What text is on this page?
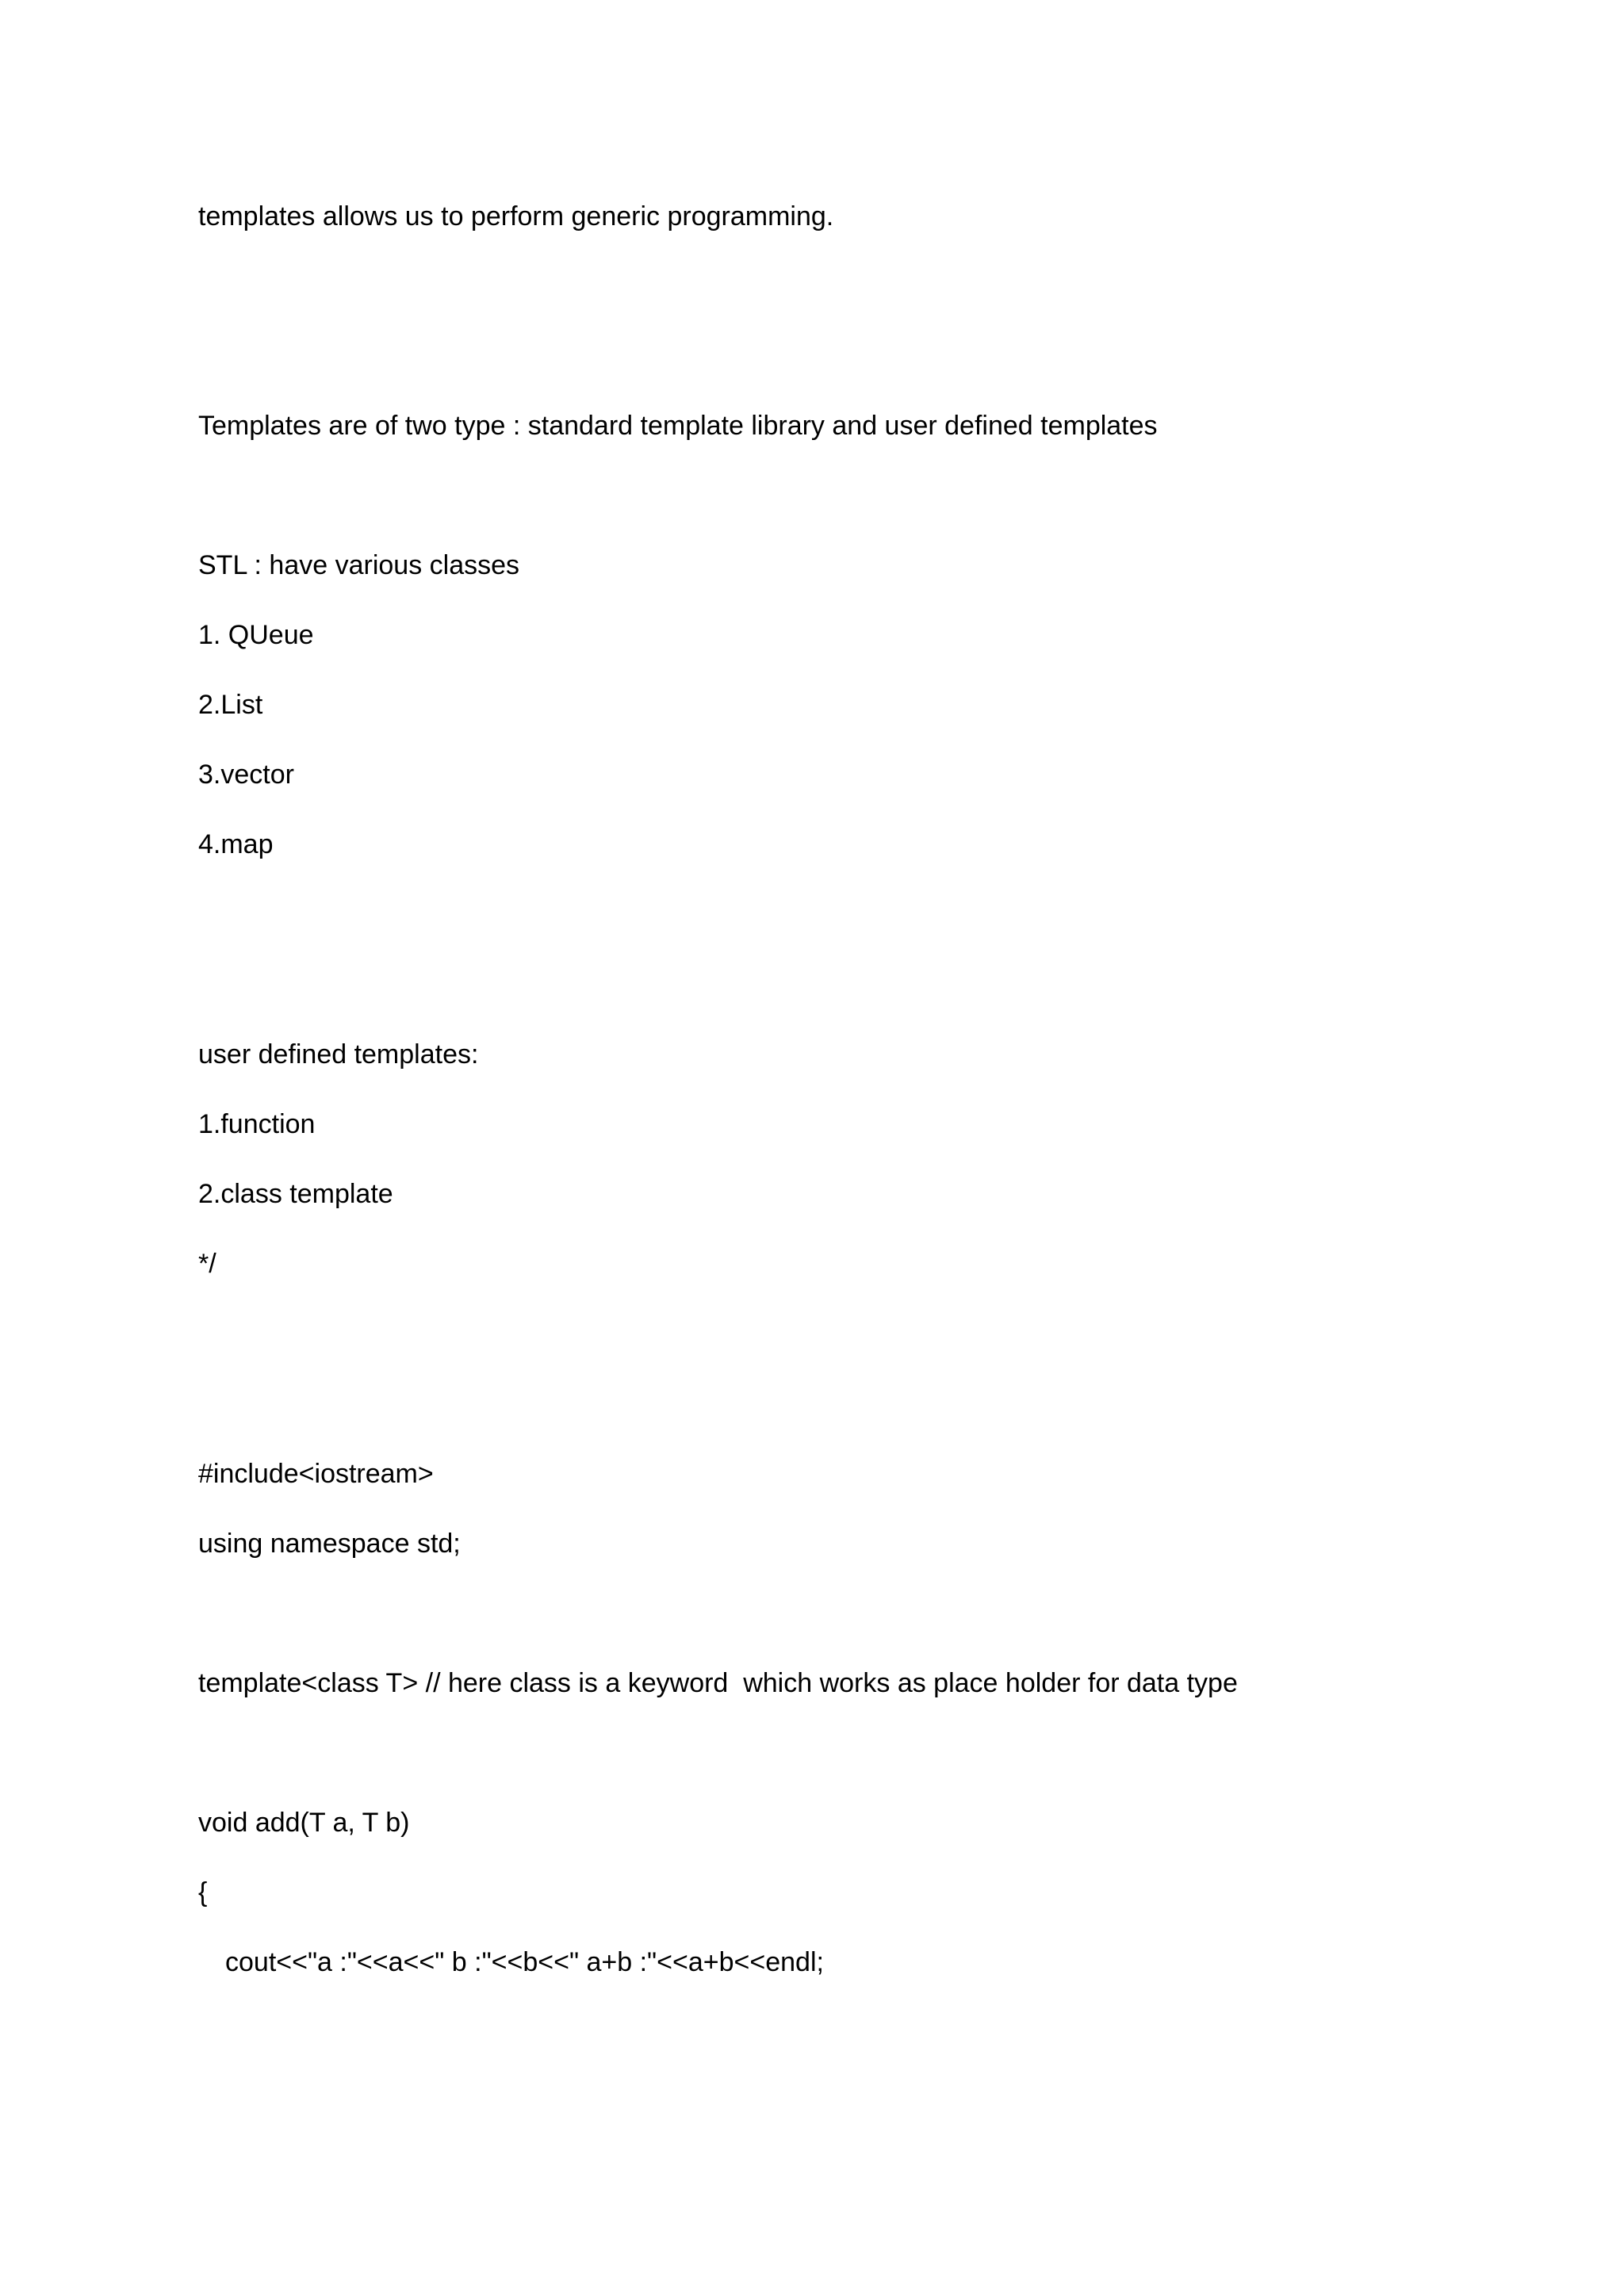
templates allows us to perform generic programming.
Templates are of two type : standard template library and user defined templates
STL : have various classes
1. QUeue
2.List
3.vector
4.map
user defined templates:
1.function
2.class template
*/
#include<iostream>
using namespace std;
template<class T> // here class is a keyword  which works as place holder for data type
void add(T a, T b)
{
cout<<"a :"<<a<<" b :"<<b<<" a+b :"<<a+b<<endl;
